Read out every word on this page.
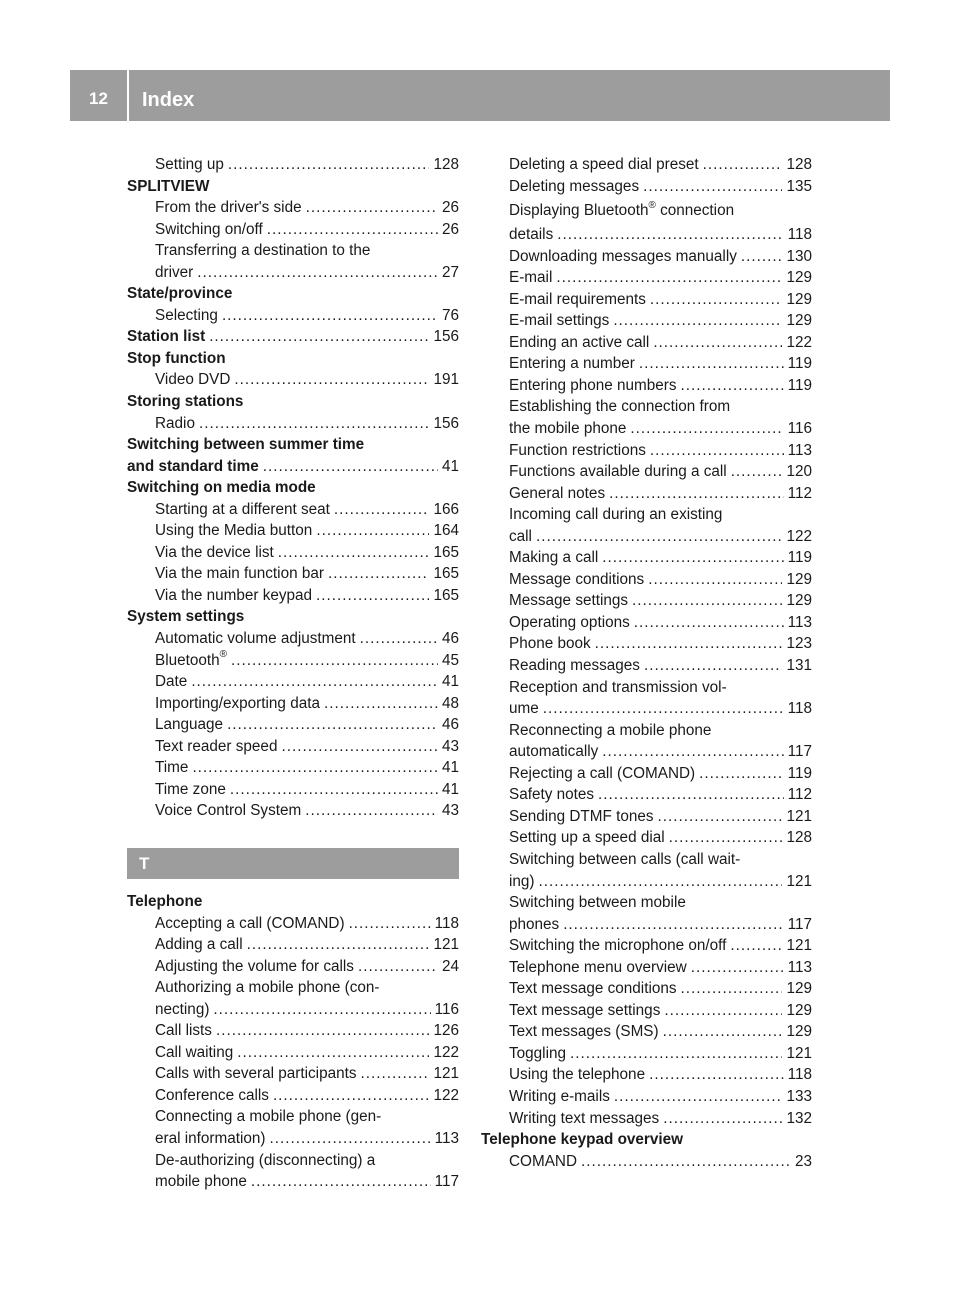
12	Index
Setting up .....	128
SPLITVIEW
From the driver's side .....	26
Switching on/off .....	26
Transferring a destination to the
driver .....	27
State/province
Selecting .....	76
Station list .....	156
Stop function
Video DVD .....	191
Storing stations
Radio .....	156
Switching between summer time
and standard time .....	41
Switching on media mode
Starting at a different seat .....	166
Using the Media button .....	164
Via the device list .....	165
Via the main function bar .....	165
Via the number keypad .....	165
System settings
Automatic volume adjustment .....	46
Bluetooth® .....	45
Date .....	41
Importing/exporting data .....	48
Language .....	46
Text reader speed .....	43
Time .....	41
Time zone .....	41
Voice Control System .....	43
T
Telephone
Accepting a call (COMAND) .....	118
Adding a call .....	121
Adjusting the volume for calls .....	24
Authorizing a mobile phone (con-
necting) .....	116
Call lists .....	126
Call waiting .....	122
Calls with several participants .....	121
Conference calls .....	122
Connecting a mobile phone (gen-
eral information) .....	113
De-authorizing (disconnecting) a
mobile phone .....	117
Deleting a speed dial preset .....	128
Deleting messages .....	135
Displaying Bluetooth® connection
details .....	118
Downloading messages manually .....	130
E-mail .....	129
E-mail requirements .....	129
E-mail settings .....	129
Ending an active call .....	122
Entering a number .....	119
Entering phone numbers .....	119
Establishing the connection from
the mobile phone .....	116
Function restrictions .....	113
Functions available during a call .....	120
General notes .....	112
Incoming call during an existing
call .....	122
Making a call .....	119
Message conditions .....	129
Message settings .....	129
Operating options .....	113
Phone book .....	123
Reading messages .....	131
Reception and transmission vol-
ume .....	118
Reconnecting a mobile phone
automatically .....	117
Rejecting a call (COMAND) .....	119
Safety notes .....	112
Sending DTMF tones .....	121
Setting up a speed dial .....	128
Switching between calls (call wait-
ing) .....	121
Switching between mobile
phones .....	117
Switching the microphone on/off .....	121
Telephone menu overview .....	113
Text message conditions .....	129
Text message settings .....	129
Text messages (SMS) .....	129
Toggling .....	121
Using the telephone .....	118
Writing e-mails .....	133
Writing text messages .....	132
Telephone keypad overview
COMAND .....	23
